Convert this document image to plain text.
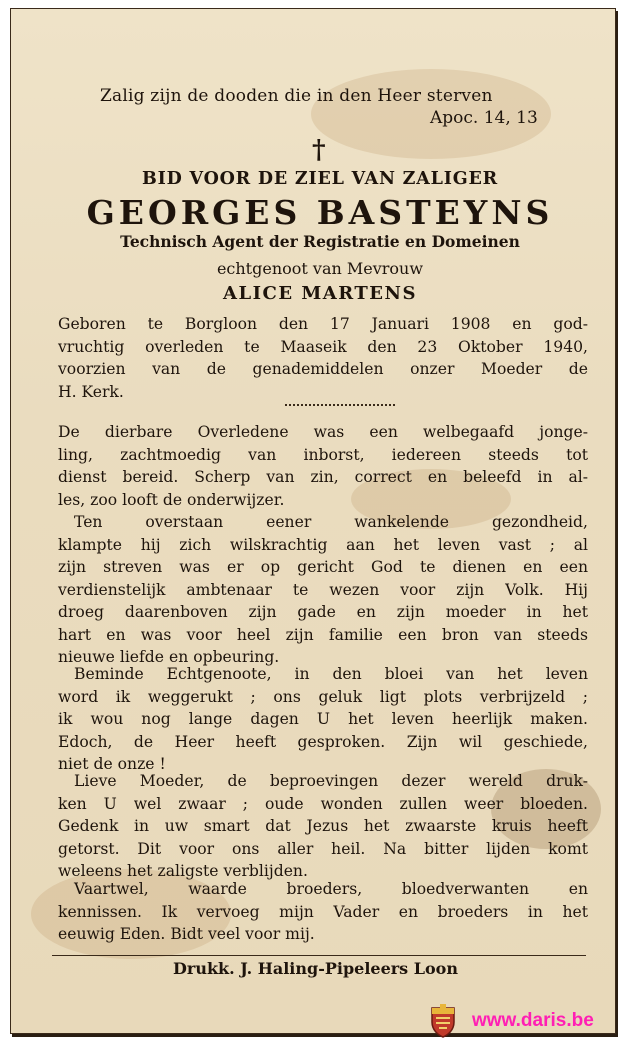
Zalig zijn de dooden die in den Heer sterven
Apoc. 14, 13
†
BID VOOR DE ZIEL VAN ZALIGER
GEORGES BASTEYNS
Technisch Agent der Registratie en Domeinen
echtgenoot van Mevrouw
ALICE MARTENS
Geboren te Borgloon den 17 Januari 1908 en god-
vruchtig overleden te Maaseik den 23 Oktober 1940,
voorzien van de genademiddelen onzer Moeder de
H. Kerk.
De dierbare Overledene was een welbegaafd jonge-
ling, zachtmoedig van inborst, iedereen steeds tot
dienst bereid. Scherp van zin, correct en beleefd in al-
les, zoo looft de onderwijzer.
Ten overstaan eener wankelende gezondheid,
klampte hij zich wilskrachtig aan het leven vast ; al
zijn streven was er op gericht God te dienen en een
verdienstelijk ambtenaar te wezen voor zijn Volk. Hij
droeg daarenboven zijn gade en zijn moeder in het
hart en was voor heel zijn familie een bron van steeds
nieuwe liefde en opbeuring.
Beminde Echtgenoote, in den bloei van het leven
word ik weggerukt ; ons geluk ligt plots verbrijzeld ;
ik wou nog lange dagen U het leven heerlijk maken.
Edoch, de Heer heeft gesproken. Zijn wil geschiede,
niet de onze !
Lieve Moeder, de beproevingen dezer wereld druk-
ken U wel zwaar ; oude wonden zullen weer bloeden.
Gedenk in uw smart dat Jezus het zwaarste kruis heeft
getorst. Dit voor ons aller heil. Na bitter lijden komt
weleens het zaligste verblijden.
Vaartwel, waarde broeders, bloedverwanten en
kennissen. Ik vervoeg mijn Vader en broeders in het
eeuwig Eden. Bidt veel voor mij.
Drukk. J. Haling-Pipeleers Loon
www.daris.be
